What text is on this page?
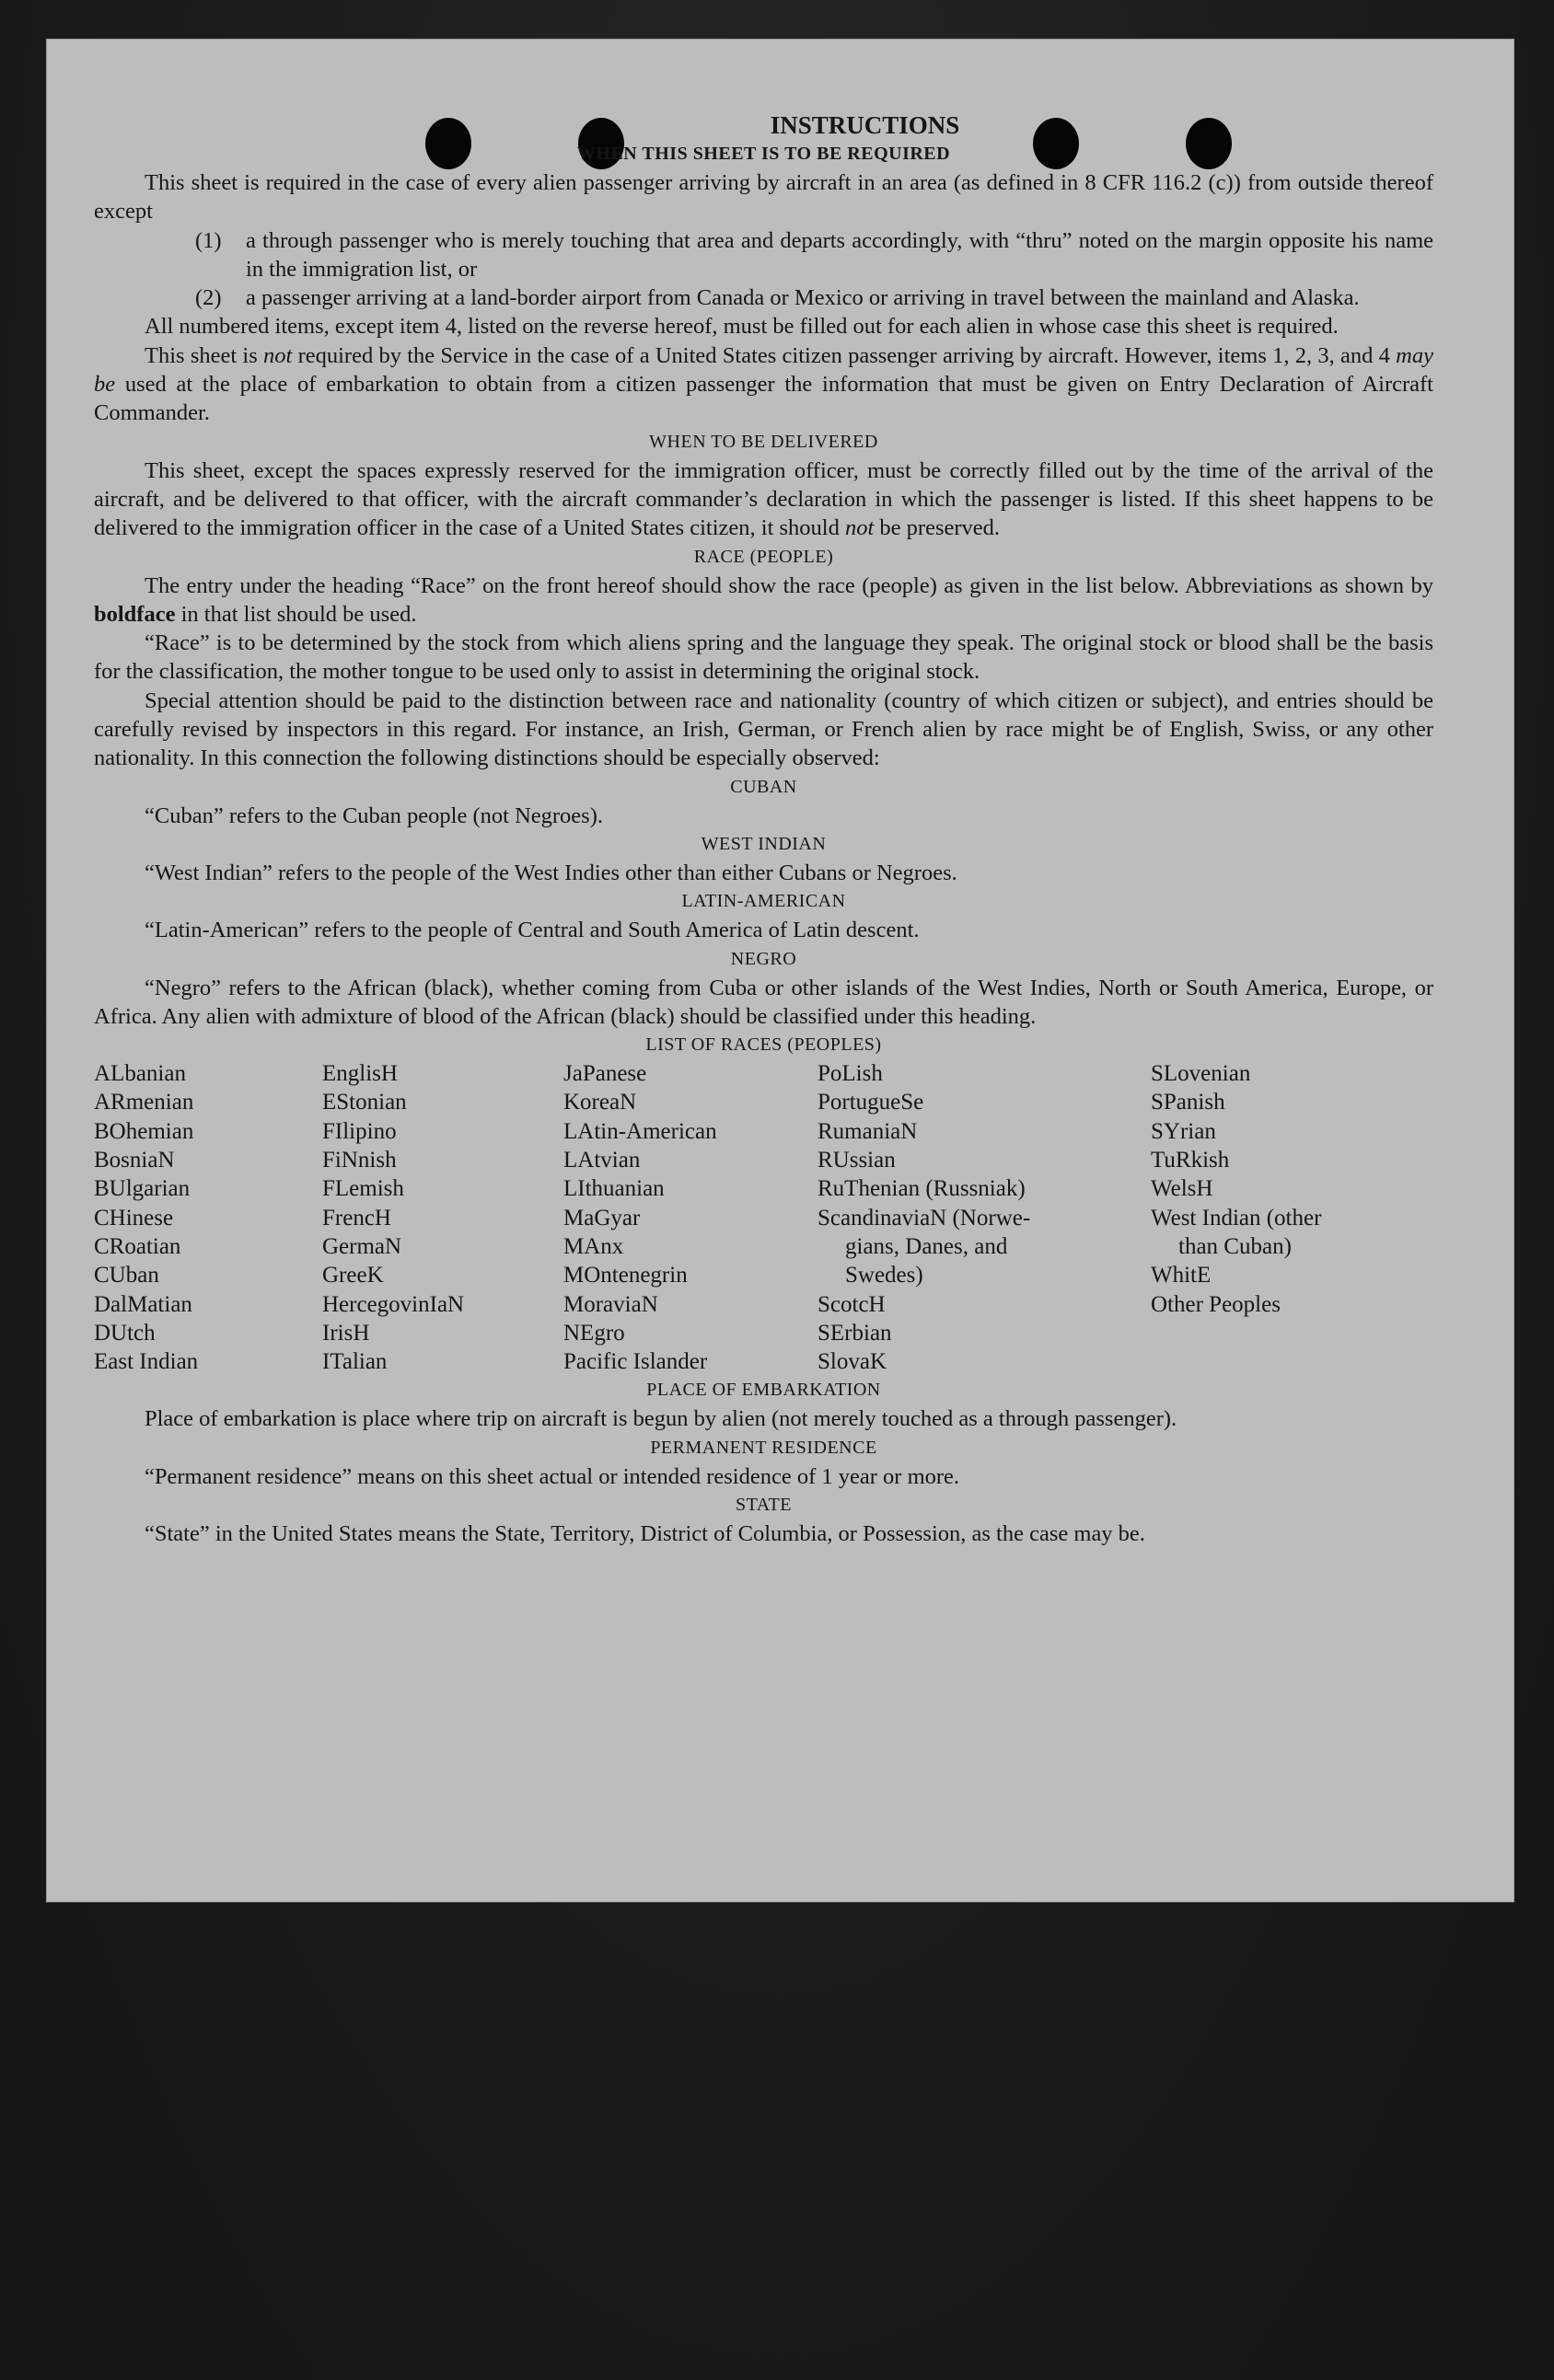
INSTRUCTIONS
WHEN THIS SHEET IS TO BE REQUIRED

This sheet is required in the case of every alien passenger arriving by aircraft in an area (as defined in 8 CFR 116.2 (c)) from outside thereof except

(1)	a through passenger who is merely touching that area and departs accordingly, with “thru” noted on the margin opposite his name in the immigration list, or
(2)	a passenger arriving at a land-border airport from Canada or Mexico or arriving in travel between the mainland and Alaska.

All numbered items, except item 4, listed on the reverse hereof, must be filled out for each alien in whose case this sheet is required.

This sheet is not required by the Service in the case of a United States citizen passenger arriving by aircraft. However, items 1, 2, 3, and 4 may be used at the place of embarkation to obtain from a citizen passenger the information that must be given on Entry Declaration of Aircraft Commander.

WHEN TO BE DELIVERED

This sheet, except the spaces expressly reserved for the immigration officer, must be correctly filled out by the time of the arrival of the aircraft, and be delivered to that officer, with the aircraft commander’s declaration in which the passenger is listed. If this sheet happens to be delivered to the immigration officer in the case of a United States citizen, it should not be preserved.

RACE (PEOPLE)

The entry under the heading “Race” on the front hereof should show the race (people) as given in the list below. Abbreviations as shown by boldface in that list should be used.

“Race” is to be determined by the stock from which aliens spring and the language they speak. The original stock or blood shall be the basis for the classification, the mother tongue to be used only to assist in determining the original stock.

Special attention should be paid to the distinction between race and nationality (country of which citizen or subject), and entries should be carefully revised by inspectors in this regard. For instance, an Irish, German, or French alien by race might be of English, Swiss, or any other nationality. In this connection the following distinctions should be especially observed:

CUBAN

“Cuban” refers to the Cuban people (not Negroes).

WEST INDIAN

“West Indian” refers to the people of the West Indies other than either Cubans or Negroes.

LATIN-AMERICAN

“Latin-American” refers to the people of Central and South America of Latin descent.

NEGRO

“Negro” refers to the African (black), whether coming from Cuba or other islands of the West Indies, North or South America, Europe, or Africa. Any alien with admixture of blood of the African (black) should be classified under this heading.

LIST OF RACES (PEOPLES)
ALbanian
ARmenian
BOhemian
BosniaN
BUlgarian
CHinese
CRoatian
CUban
DalMatian
DUtch
East Indian
EnglisH
EStonian
FIlipino
FiNnish
FLemish
FrencH
GermaN
GreeK
HercegovinIaN
IrisH
ITalian
JaPanese
KoreaN
LAtin-American
LAtvian
LIthuanian
MaGyar
MAnx
MOntenegrin
MoraviaN
NEgro
Pacific Islander
PoLish
PortugueSe
RumaniaN
RUssian
RuThenian (Russniak)
ScandinaviaN (Norwe-
gians, Danes, and
Swedes)
ScotcH
SErbian
SlovaK
SLovenian
SPanish
SYrian
TuRkish
WelsH
West Indian (other
than Cuban)
WhitE
Other Peoples
PLACE OF EMBARKATION

Place of embarkation is place where trip on aircraft is begun by alien (not merely touched as a through passenger).

PERMANENT RESIDENCE

“Permanent residence” means on this sheet actual or intended residence of 1 year or more.

STATE

“State” in the United States means the State, Territory, District of Columbia, or Possession, as the case may be.
